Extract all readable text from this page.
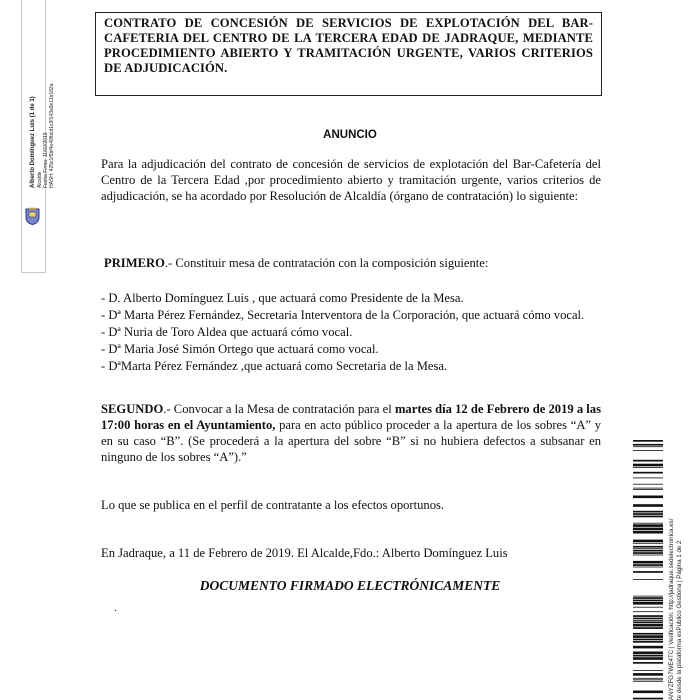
Alberto Domínguez Luis (1 de 1) Alcalde Fecha Firma: 11/02/2019 HASH: 425c1f5bf4e49fbcd1c3f143a9e11b182a

CONTRATO DE CONCESIÓN DE SERVICIOS DE EXPLOTACIÓN DEL BAR-CAFETERIA DEL CENTRO DE LA TERCERA EDAD DE JADRAQUE, MEDIANTE PROCEDIMIENTO ABIERTO Y TRAMITACIÓN URGENTE, VARIOS CRITERIOS DE ADJUDICACIÓN.

ANUNCIO

Para la adjudicación del contrato de concesión de servicios de explotación del Bar-Cafetería del Centro de la Tercera Edad ,por procedimiento abierto y tramitación urgente, varios criterios de adjudicación, se ha acordado por Resolución de Alcaldía (órgano de contratación) lo siguiente:

PRIMERO.- Constituir mesa de contratación con la composición siguiente:

- D. Alberto Domínguez Luis , que actuará como Presidente de la Mesa.
- Dª Marta Pérez Fernández, Secretaria Interventora de la Corporación, que actuará cómo vocal.
- Dª Nuria de Toro Aldea que actuará cómo vocal.
- Dª Maria José Simón Ortego que actuará como vocal.
- DªMarta Pérez Fernández ,que actuará como Secretaria de la Mesa.

SEGUNDO.- Convocar a la Mesa de contratación para el martes día 12 de Febrero de 2019 a las 17:00 horas en el Ayuntamiento, para en acto público proceder a la apertura de los sobres “A” y en su caso “B”. (Se procederá a la apertura del sobre “B” si no hubiera defectos a subsanar en ninguno de los sobres “A”).”

Lo que se publica en el perfil de contratante a los efectos oportunos.

En Jadraque, a 11 de Febrero de 2019. El Alcalde,Fdo.: Alberto Domínguez Luis

DOCUMENTO FIRMADO ELECTRÓNICAMENTE
.	ANYZFG7WE4TC | Verificación: http://jadraque.sedelectronica.es/ te desde la plataforma esPublico Gestiona | Página 1 de 2
